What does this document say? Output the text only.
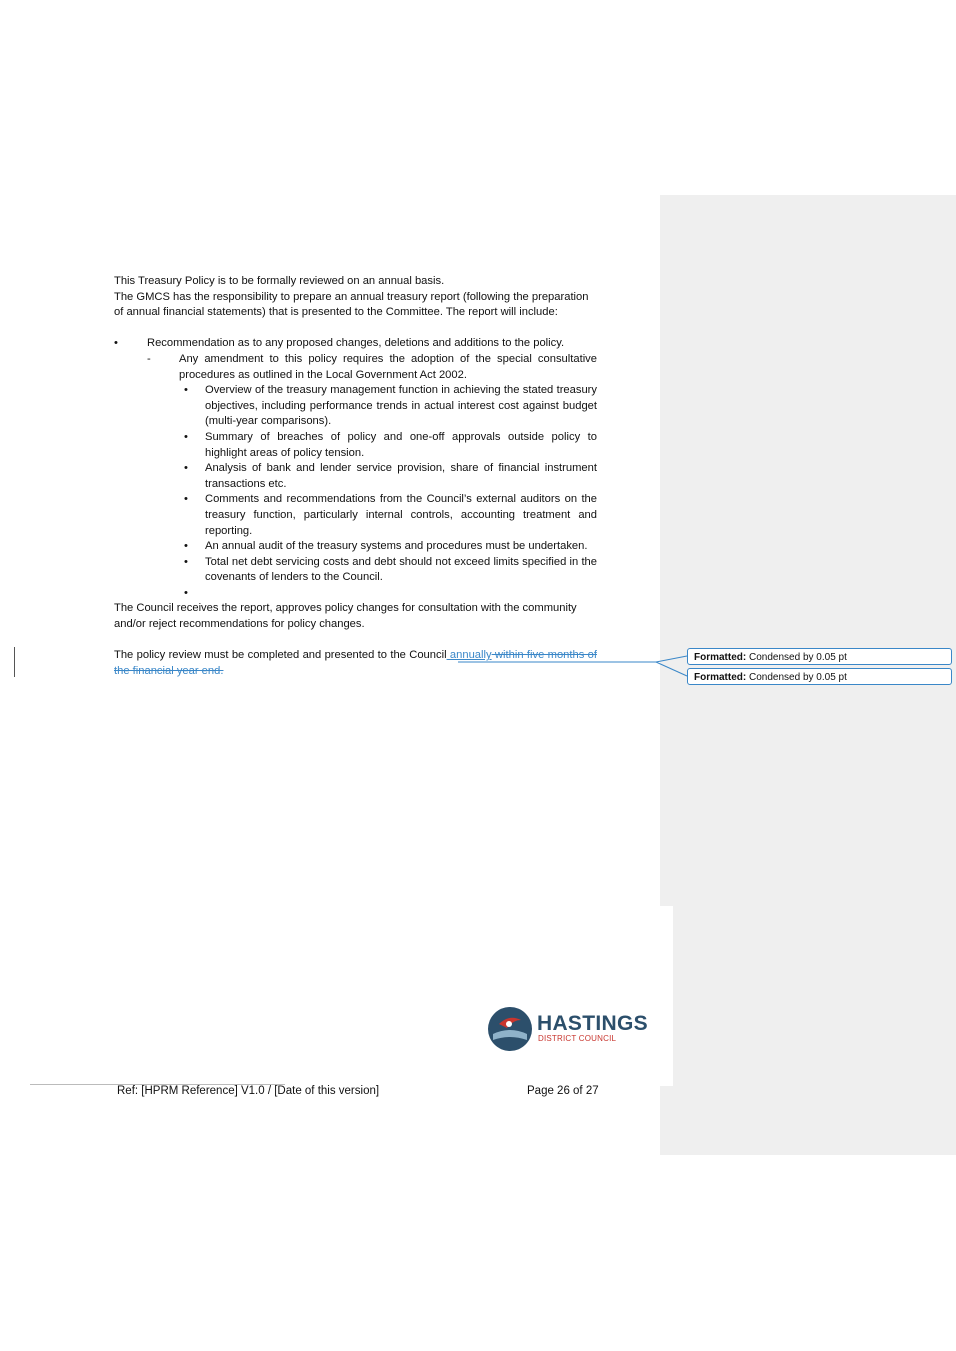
This Treasury Policy is to be formally reviewed on an annual basis.

The GMCS has the responsibility to prepare an annual treasury report (following the preparation of annual financial statements) that is presented to the Committee. The report will include:

•	Recommendation as to any proposed changes, deletions and additions to the policy.
-	Any amendment to this policy requires the adoption of the special consultative procedures as outlined in the Local Government Act 2002.
• Overview of the treasury management function in achieving the stated treasury objectives, including performance trends in actual interest cost against budget (multi-year comparisons).
• Summary of breaches of policy and one-off approvals outside policy to highlight areas of policy tension.
• Analysis of bank and lender service provision, share of financial instrument transactions etc.
• Comments and recommendations from the Council’s external auditors on the treasury function, particularly internal controls, accounting treatment and reporting.
• An annual audit of the treasury systems and procedures must be undertaken.
• Total net debt servicing costs and debt should not exceed limits specified in the covenants of lenders to the Council.
•

The Council receives the report, approves policy changes for consultation with the community and/or reject recommendations for policy changes.

The policy review must be completed and presented to the Council annually within five months of the financial year end.

Formatted: Condensed by 0.05 pt
Formatted: Condensed by 0.05 pt
HASTINGS
DISTRICT COUNCIL
Ref: [HPRM Reference] V1.0 / [Date of this version]	Page 26 of 27
